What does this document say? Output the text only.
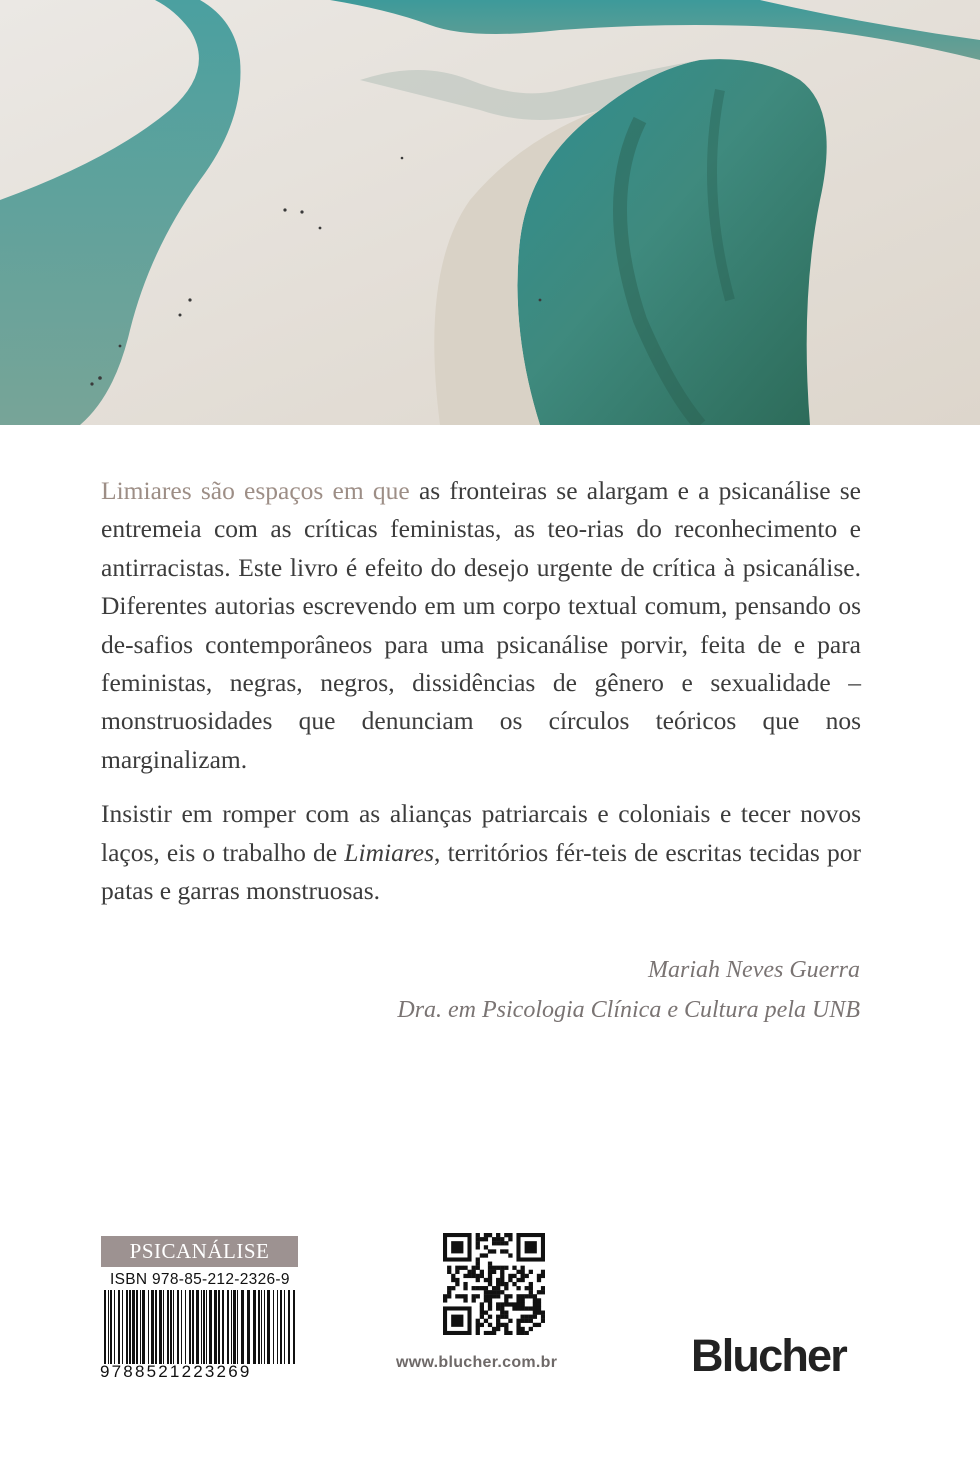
Limiares são espaços em que as fronteiras se alargam e a psicanálise se entremeia com as críticas feministas, as teo-rias do reconhecimento e antirracistas. Este livro é efeito do desejo urgente de crítica à psicanálise. Diferentes autorias escrevendo em um corpo textual comum, pensando os de-safios contemporâneos para uma psicanálise porvir, feita de e para feministas, negras, negros, dissidências de gênero e sexualidade – monstruosidades que denunciam os círculos teóricos que nos marginalizam.

Insistir em romper com as alianças patriarcais e coloniais e tecer novos laços, eis o trabalho de Limiares, territórios fér-teis de escritas tecidas por patas e garras monstruosas.

Mariah Neves Guerra
Dra. em Psicologia Clínica e Cultura pela UNB
PSICANÁLISE
ISBN 978-85-212-2326-9
9788521223269	www.blucher.com.br	Blucher
